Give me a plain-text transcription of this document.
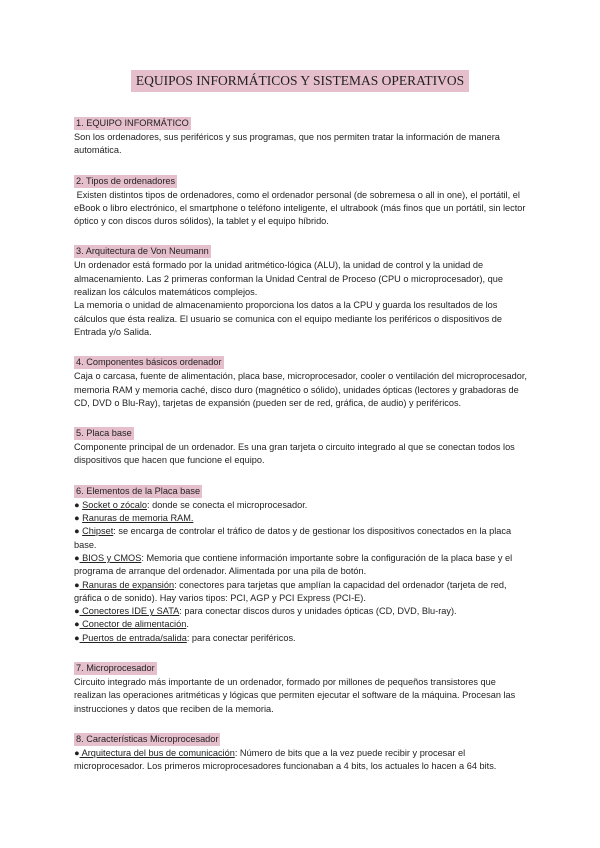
EQUIPOS INFORMÁTICOS Y SISTEMAS OPERATIVOS
1. EQUIPO INFORMÁTICO

Son los ordenadores, sus periféricos y sus programas, que nos permiten tratar la información de manera automática.

2. Tipos de ordenadores

Existen distintos tipos de ordenadores, como el ordenador personal (de sobremesa o all in one), el portátil, el eBook o libro electrónico, el smartphone o teléfono inteligente, el ultrabook (más finos que un portátil, sin lector óptico y con discos duros sólidos), la tablet y el equipo híbrido.

3. Arquitectura de Von Neumann

Un ordenador está formado por la unidad aritmético-lógica (ALU), la unidad de control y la unidad de almacenamiento. Las 2 primeras conforman la Unidad Central de Proceso (CPU o microprocesador), que realizan los cálculos matemáticos complejos.

La memoria o unidad de almacenamiento proporciona los datos a la CPU y guarda los resultados de los cálculos que ésta realiza. El usuario se comunica con el equipo mediante los periféricos o dispositivos de Entrada y/o Salida.

4. Componentes básicos ordenador

Caja o carcasa, fuente de alimentación, placa base, microprocesador, cooler o ventilación del microprocesador, memoria RAM y memoria caché, disco duro (magnético o sólido), unidades ópticas (lectores y grabadoras de CD, DVD o Blu-Ray), tarjetas de expansión (pueden ser de red, gráfica, de audio) y periféricos.

5. Placa base

Componente principal de un ordenador. Es una gran tarjeta o circuito integrado al que se conectan todos los dispositivos que hacen que funcione el equipo.

6. Elementos de la Placa base

● Socket o zócalo: donde se conecta el microprocesador.

● Ranuras de memoria RAM.

● Chipset: se encarga de controlar el tráfico de datos y de gestionar los dispositivos conectados en la placa base.

● BIOS y CMOS: Memoria que contiene información importante sobre la configuración de la placa base y el programa de arranque del ordenador. Alimentada por una pila de botón.

● Ranuras de expansión: conectores para tarjetas que amplían la capacidad del ordenador (tarjeta de red, gráfica o de sonido). Hay varios tipos: PCI, AGP y PCI Express (PCI-E).

● Conectores IDE y SATA: para conectar discos duros y unidades ópticas (CD, DVD, Blu-ray).

● Conector de alimentación.

● Puertos de entrada/salida: para conectar periféricos.

7. Microprocesador

Circuito integrado más importante de un ordenador, formado por millones de pequeños transistores que realizan las operaciones aritméticas y lógicas que permiten ejecutar el software de la máquina. Procesan las instrucciones y datos que reciben de la memoria.

8. Características Microprocesador

● Arquitectura del bus de comunicación: Número de bits que a la vez puede recibir y procesar el microprocesador. Los primeros microprocesadores funcionaban a 4 bits, los actuales lo hacen a 64 bits.
